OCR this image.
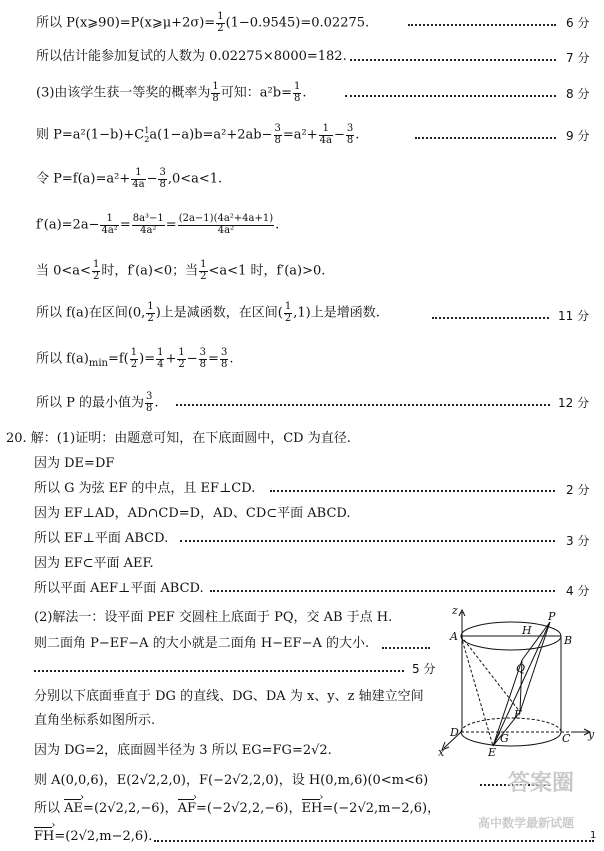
所以 P(x⩾90)=P(x⩾μ+2σ)= $\frac{1}{2} (1-0.9545)=0.02275$.	6 分
所以估计能参加复试的人数为 0.02275×8000=182.	7 分
(3)由该学生获一等奖的概率为 $\frac{1}{8}$ 可知：$a^2b= \frac{1}{8}$ .	8 分
则 $P=a^2(1-b)+C^1_2a(1-a)b=a^2+2ab- \frac{3}{8} =a^2+ \frac{1}{4a} - \frac{3}{8}$ .	9 分
令 $P=f(a)=a^2+ \frac{1}{4a} - \frac{3}{8} ,0<a<1$.
$f'(a)=2a- \frac{1}{\text{4a²}} = \frac{\text{8a³−1}}{\text{4a²}} = \frac{\text{(2a−1)(4a²+4a+1)}}{\text{4a²}}$ .
当 $0<a< \frac{1}{2}$ 时，f′(a)<0；当 $\frac{1}{2} <a<1$ 时，f′(a)>0.
所以 f(a)在区间(0, $\frac{1}{2}$ )上是减函数，在区间( $\frac{1}{2} ,1$)上是增函数.	11 分
所以 $f(a)_{min}=f( \frac{1}{2}$ )= $\frac{1}{4} + \frac{1}{2} - \frac{3}{8} = \frac{3}{8}$ .
所以 P 的最小值为 $\frac{3}{8}$ .	12 分
20. 解：(1)证明：由题意可知，在下底面圆中，CD 为直径.
因为 DE=DF
所以 G 为弦 EF 的中点，且 EF⊥CD.	2 分
因为 EF⊥AD，AD∩CD=D，AD、CD⊂平面 ABCD.
所以 EF⊥平面 ABCD.	3 分
因为 EF⊂平面 AEF.
所以平面 AEF⊥平面 ABCD.	4 分
(2)解法一：设平面 PEF 交圆柱上底面于 PQ，交 AB 于点 H.
则二面角 P−EF−A 的大小就是二面角 H−EF−A 的大小.
5 分
分别以下底面垂直于 DG 的直线、DG、DA 为 x、y、z 轴建立空间
直角坐标系如图所示.
因为 DG=2，底面圆半径为 3 所以 EG=FG=2√2.
则 A(0,0,6)，E(2√2,2,0)，F(−2√2,2,0)，设 H(0,m,6)(0<m<6)
所以 AE ›=(2√2,2,−6)，AF ›=(−2√2,2,−6)，EH ›=(−2√2,m−2,6)，
FH ›=(2√2,m−2,6).
z
A	H
P
B
Q
F
D	G	C y
x	E
答案圈
高中数学最新试题
1
